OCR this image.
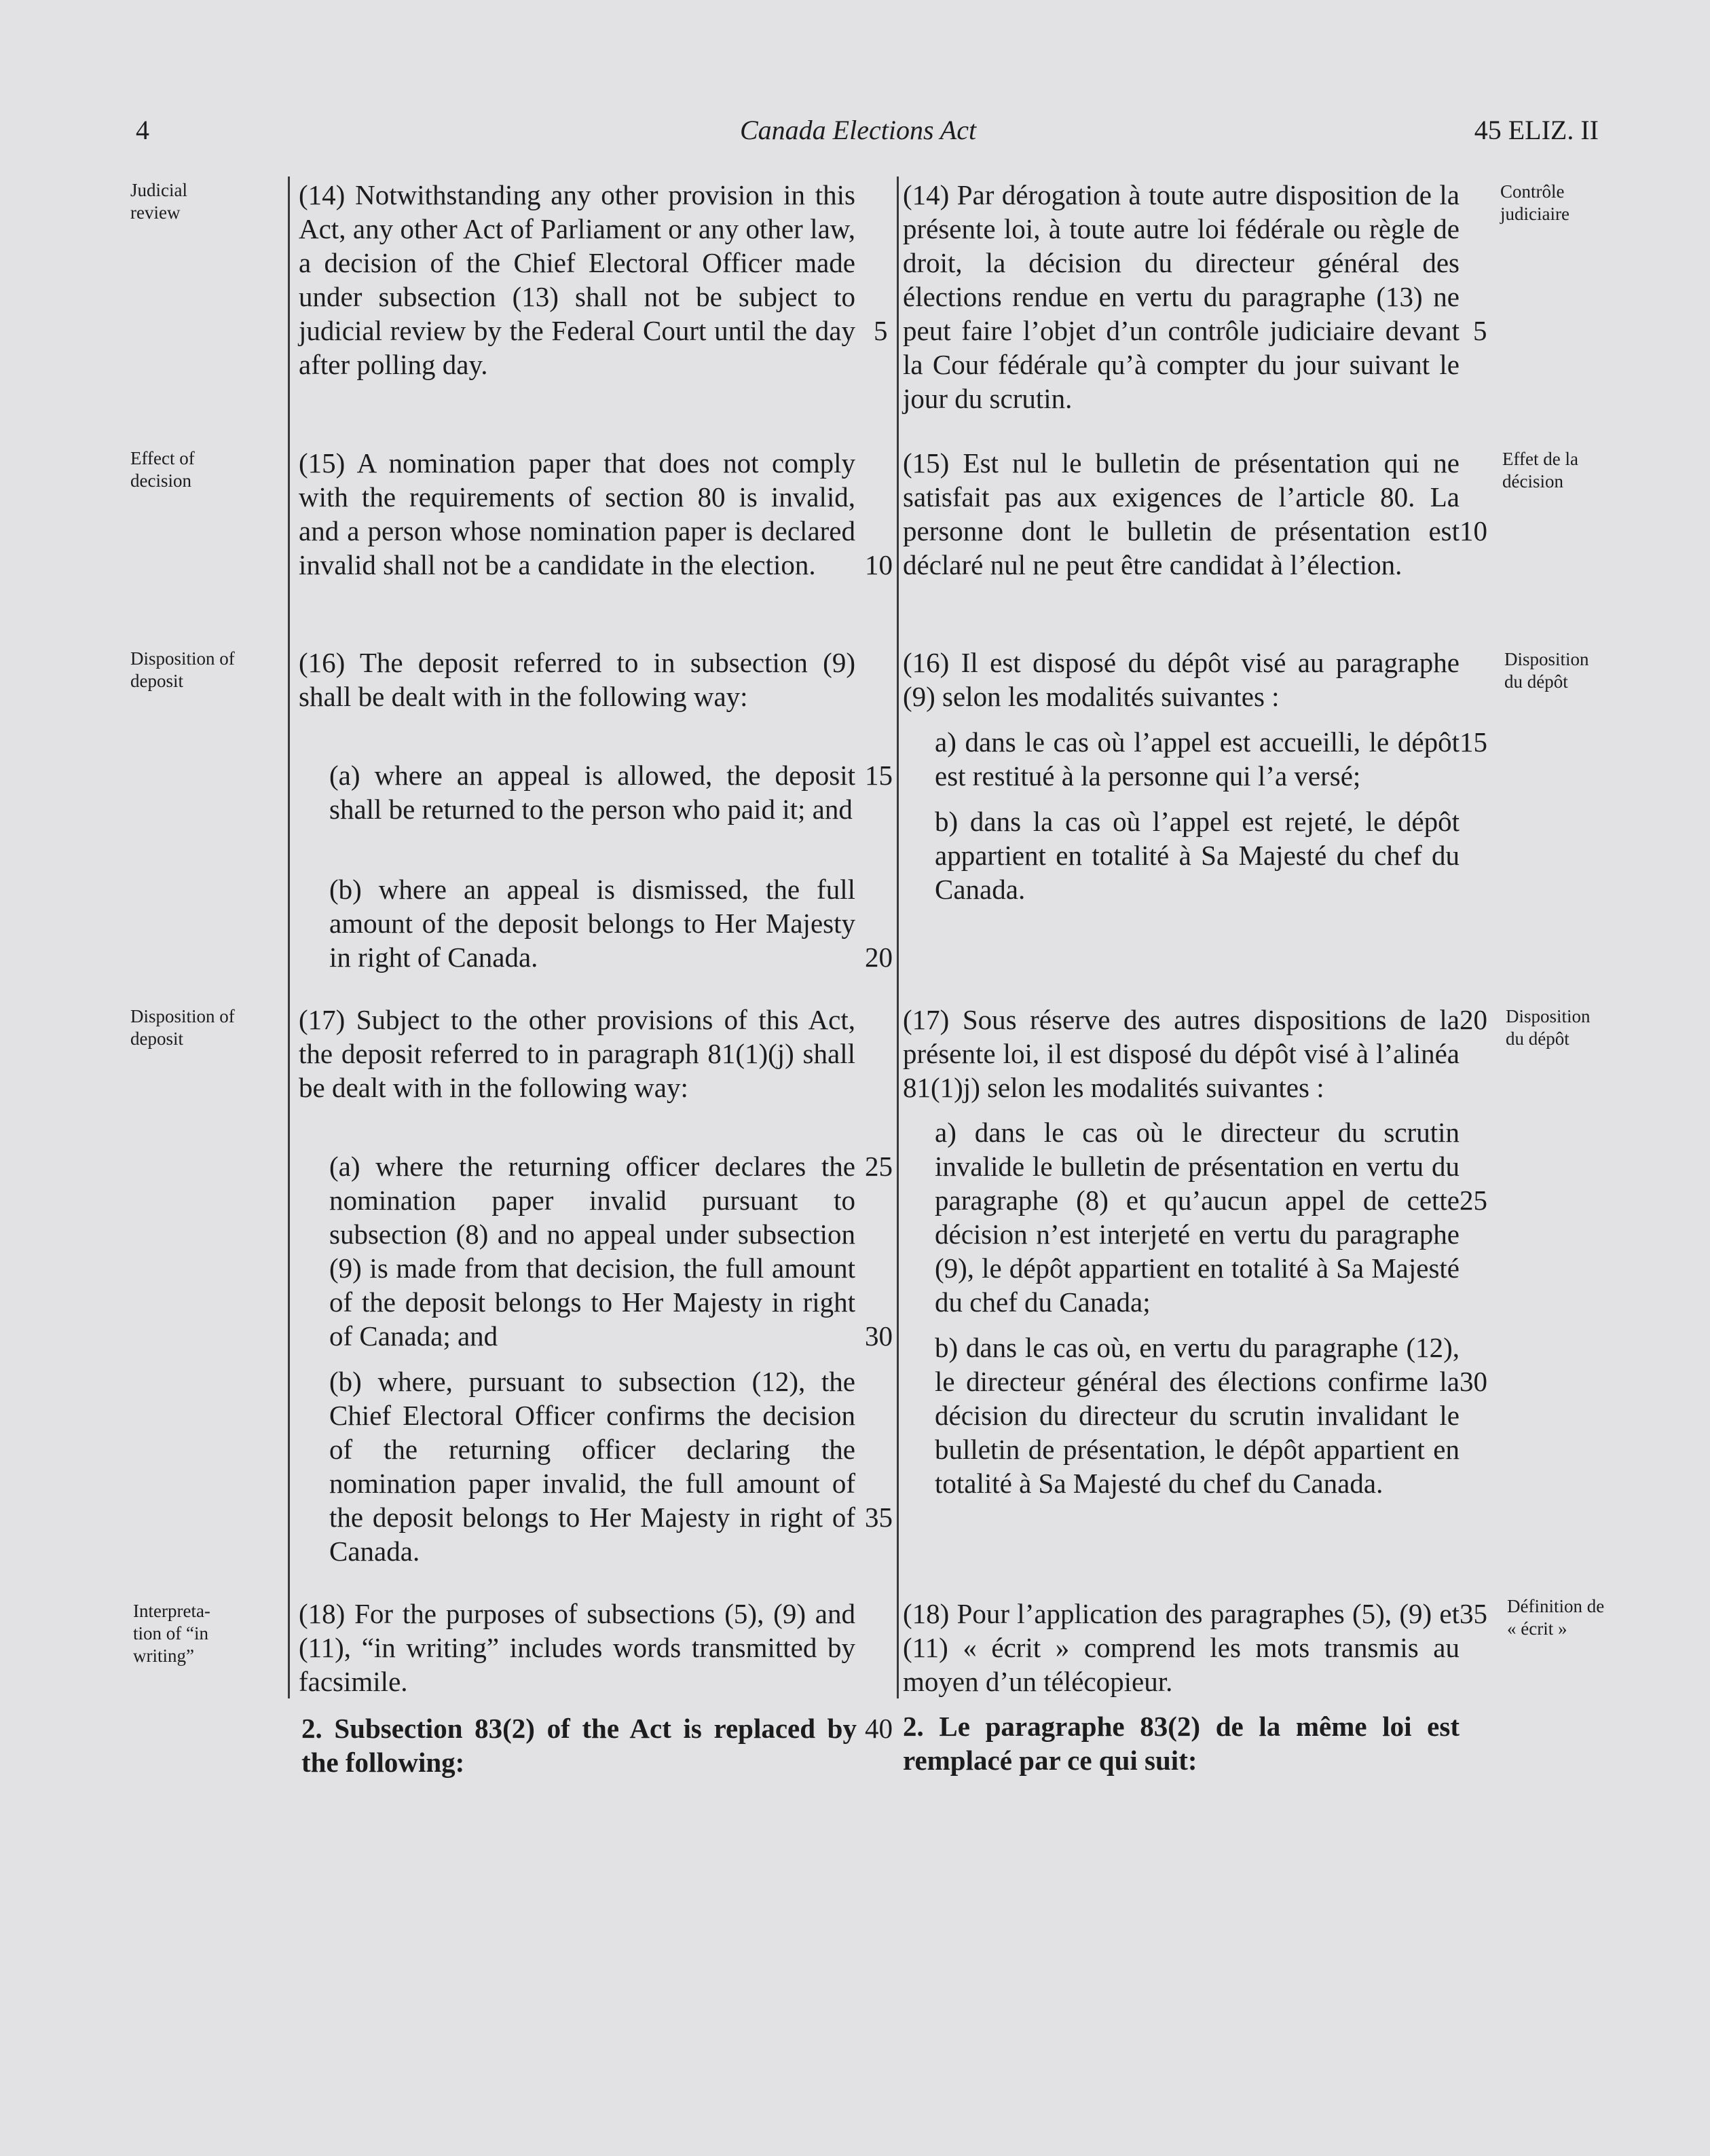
4	Canada Elections Act	45 ELIZ. II
Judicial
review
Effect of
decision
Disposition of
deposit
Disposition of
deposit
Interpreta-
tion of “in
writing”
Contrôle
judiciaire
Effet de la
décision
Disposition
du dépôt
Disposition
du dépôt
Définition de
« écrit »
(14) Notwithstanding any other provision in this Act, any other Act of Parliament or any other law, a decision of the Chief Electoral Officer made under subsection (13) shall not be subject to judicial review by the Federal Court until the day after polling day.
(15) A nomination paper that does not comply with the requirements of section 80 is invalid, and a person whose nomination paper is declared invalid shall not be a candidate in the election.
(16) The deposit referred to in subsection (9) shall be dealt with in the following way:
(a) where an appeal is allowed, the deposit shall be returned to the person who paid it; and
(b) where an appeal is dismissed, the full amount of the deposit belongs to Her Majesty in right of Canada.
(17) Subject to the other provisions of this Act, the deposit referred to in paragraph 81(1)(j) shall be dealt with in the following way:
(a) where the returning officer declares the nomination paper invalid pursuant to subsection (8) and no appeal under subsection (9) is made from that decision, the full amount of the deposit belongs to Her Majesty in right of Canada; and
(b) where, pursuant to subsection (12), the Chief Electoral Officer confirms the decision of the returning officer declaring the nomination paper invalid, the full amount of the deposit belongs to Her Majesty in right of Canada.
(18) For the purposes of subsections (5), (9) and (11), “in writing” includes words transmitted by facsimile.
2. Subsection 83(2) of the Act is replaced by the following:
(14) Par dérogation à toute autre disposition de la présente loi, à toute autre loi fédérale ou règle de droit, la décision du directeur général des élections rendue en vertu du paragraphe (13) ne peut faire l’objet d’un contrôle judiciaire devant la Cour fédérale qu’à compter du jour suivant le jour du scrutin.
(15) Est nul le bulletin de présentation qui ne satisfait pas aux exigences de l’article 80. La personne dont le bulletin de présentation est déclaré nul ne peut être candidat à l’élection.
(16) Il est disposé du dépôt visé au paragraphe (9) selon les modalités suivantes :
a) dans le cas où l’appel est accueilli, le dépôt est restitué à la personne qui l’a versé;
b) dans la cas où l’appel est rejeté, le dépôt appartient en totalité à Sa Majesté du chef du Canada.
(17) Sous réserve des autres dispositions de la présente loi, il est disposé du dépôt visé à l’alinéa 81(1)j) selon les modalités suivantes :
a) dans le cas où le directeur du scrutin invalide le bulletin de présentation en vertu du paragraphe (8) et qu’aucun appel de cette décision n’est interjeté en vertu du paragraphe (9), le dépôt appartient en totalité à Sa Majesté du chef du Canada;
b) dans le cas où, en vertu du paragraphe (12), le directeur général des élections confirme la décision du directeur du scrutin invalidant le bulletin de présentation, le dépôt appartient en totalité à Sa Majesté du chef du Canada.
(18) Pour l’application des paragraphes (5), (9) et (11) « écrit » comprend les mots transmis au moyen d’un télécopieur.
2. Le paragraphe 83(2) de la même loi est remplacé par ce qui suit:
5
10
15
20
25
30
35
40
5
10
15
20
25
30
35
